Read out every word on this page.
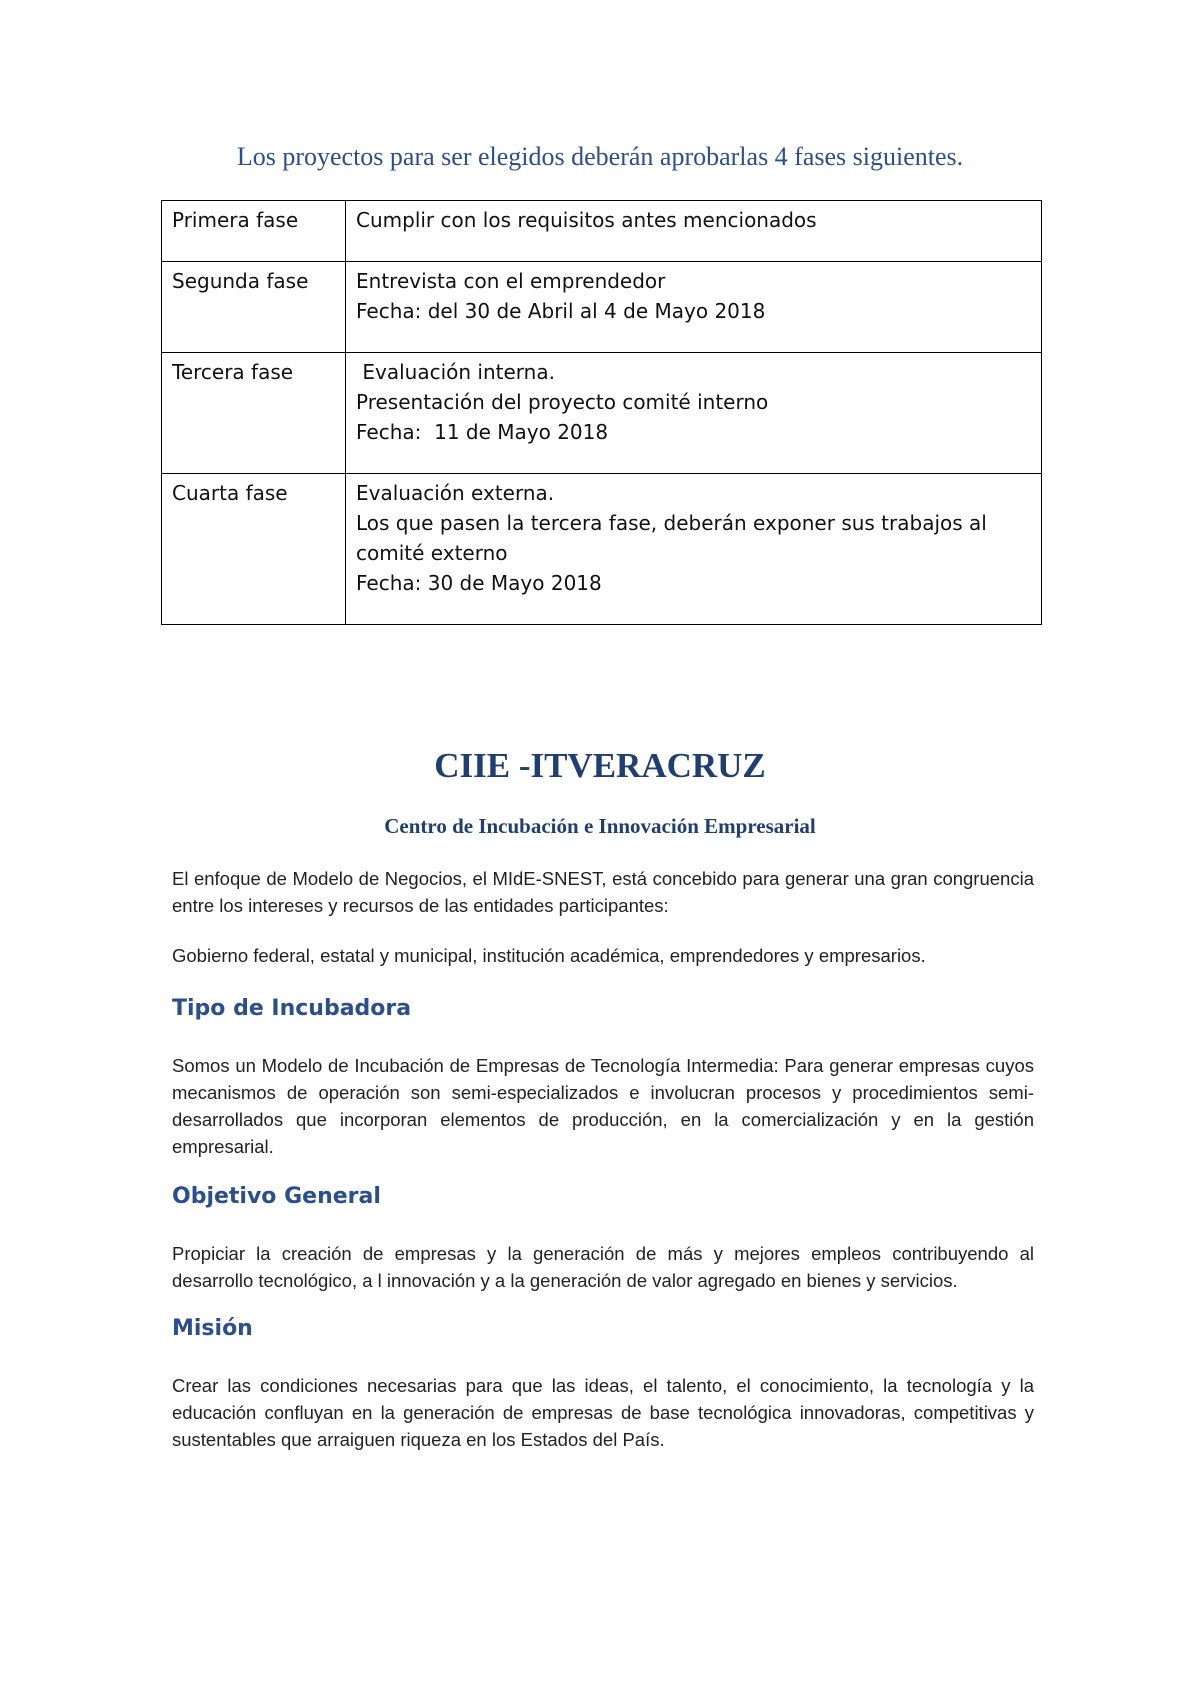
Los proyectos para ser elegidos deberán aprobarlas 4 fases siguientes.

Primera fase	Cumplir con los requisitos antes mencionados

Segunda fase	Entrevista con el emprendedor
Fecha: del 30 de Abril al 4 de Mayo 2018

Tercera fase	Evaluación interna.
Presentación del proyecto comité interno
Fecha:  11 de Mayo 2018

Cuarta fase	Evaluación externa.
Los que pasen la tercera fase, deberán exponer sus trabajos al
comité externo
Fecha: 30 de Mayo 2018
CIIE -ITVERACRUZ
Centro de Incubación e Innovación Empresarial

El enfoque de Modelo de Negocios, el MIdE-SNEST, está concebido para generar una gran congruencia entre los intereses y recursos de las entidades participantes:

Gobierno federal, estatal y municipal, institución académica, emprendedores y empresarios.

Tipo de Incubadora

Somos un Modelo de Incubación de Empresas de Tecnología Intermedia: Para generar empresas cuyos mecanismos de operación son semi-especializados e involucran procesos y procedimientos semi-desarrollados que incorporan elementos de producción, en la comercialización y en la gestión empresarial.

Objetivo General

Propiciar la creación de empresas y la generación de más y mejores empleos contribuyendo al desarrollo tecnológico, a l innovación y a la generación de valor agregado en bienes y servicios.

Misión

Crear las condiciones necesarias para que las ideas, el talento, el conocimiento, la tecnología y la educación confluyan en la generación de empresas de base tecnológica innovadoras, competitivas y sustentables que arraiguen riqueza en los Estados del País.
